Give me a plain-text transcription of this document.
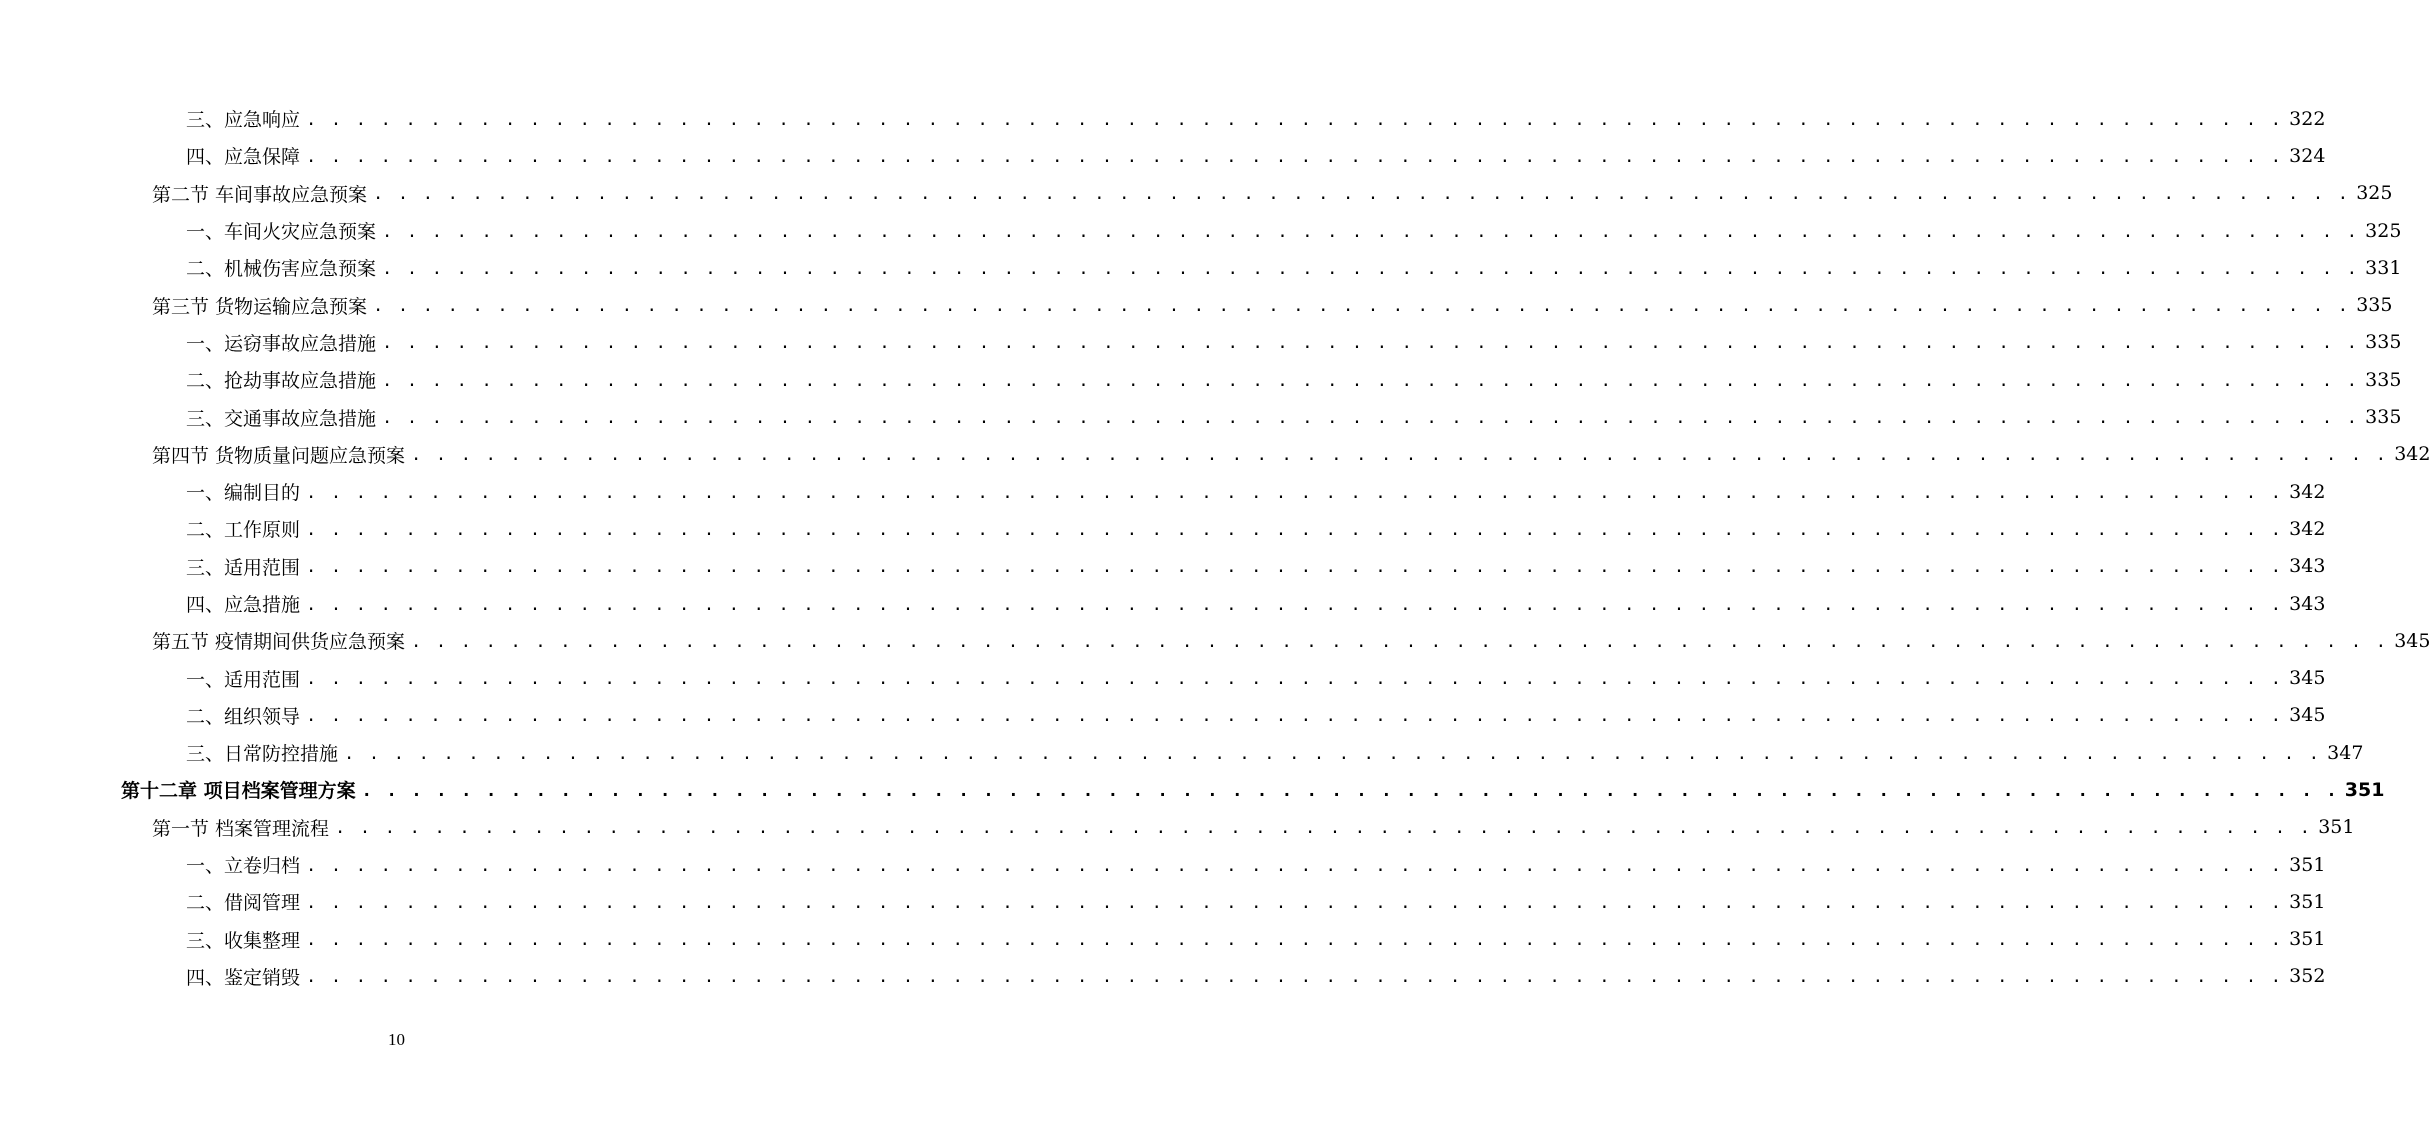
三、应急响应 . . . . . . . . . . . . . . . . . . . . . . . . . . . . . . . . . . . . . . . . . . . . . . . . . . . . . . . . . . . . . . . . . . . . . . . . . . . . . . . . 322
四、应急保障 . . . . . . . . . . . . . . . . . . . . . . . . . . . . . . . . . . . . . . . . . . . . . . . . . . . . . . . . . . . . . . . . . . . . . . . . . . . . . . . . 324
第二节 车间事故应急预案 . . . . . . . . . . . . . . . . . . . . . . . . . . . . . . . . . . . . . . . . . . . . . . . . . . . . . . . . . . . . . . . . . . . . . . . . . . . . . . . . 325
一、车间火灾应急预案 . . . . . . . . . . . . . . . . . . . . . . . . . . . . . . . . . . . . . . . . . . . . . . . . . . . . . . . . . . . . . . . . . . . . . . . . . . . . . . . . 325
二、机械伤害应急预案 . . . . . . . . . . . . . . . . . . . . . . . . . . . . . . . . . . . . . . . . . . . . . . . . . . . . . . . . . . . . . . . . . . . . . . . . . . . . . . . . 331
第三节 货物运输应急预案 . . . . . . . . . . . . . . . . . . . . . . . . . . . . . . . . . . . . . . . . . . . . . . . . . . . . . . . . . . . . . . . . . . . . . . . . . . . . . . . . 335
一、运窃事故应急措施 . . . . . . . . . . . . . . . . . . . . . . . . . . . . . . . . . . . . . . . . . . . . . . . . . . . . . . . . . . . . . . . . . . . . . . . . . . . . . . . . 335
二、抢劫事故应急措施 . . . . . . . . . . . . . . . . . . . . . . . . . . . . . . . . . . . . . . . . . . . . . . . . . . . . . . . . . . . . . . . . . . . . . . . . . . . . . . . . 335
三、交通事故应急措施 . . . . . . . . . . . . . . . . . . . . . . . . . . . . . . . . . . . . . . . . . . . . . . . . . . . . . . . . . . . . . . . . . . . . . . . . . . . . . . . . 335
第四节 货物质量问题应急预案 . . . . . . . . . . . . . . . . . . . . . . . . . . . . . . . . . . . . . . . . . . . . . . . . . . . . . . . . . . . . . . . . . . . . . . . . . . . . . . . . 342
一、编制目的 . . . . . . . . . . . . . . . . . . . . . . . . . . . . . . . . . . . . . . . . . . . . . . . . . . . . . . . . . . . . . . . . . . . . . . . . . . . . . . . . 342
二、工作原则 . . . . . . . . . . . . . . . . . . . . . . . . . . . . . . . . . . . . . . . . . . . . . . . . . . . . . . . . . . . . . . . . . . . . . . . . . . . . . . . . 342
三、适用范围 . . . . . . . . . . . . . . . . . . . . . . . . . . . . . . . . . . . . . . . . . . . . . . . . . . . . . . . . . . . . . . . . . . . . . . . . . . . . . . . . 343
四、应急措施 . . . . . . . . . . . . . . . . . . . . . . . . . . . . . . . . . . . . . . . . . . . . . . . . . . . . . . . . . . . . . . . . . . . . . . . . . . . . . . . . 343
第五节 疫情期间供货应急预案 . . . . . . . . . . . . . . . . . . . . . . . . . . . . . . . . . . . . . . . . . . . . . . . . . . . . . . . . . . . . . . . . . . . . . . . . . . . . . . . . 345
一、适用范围 . . . . . . . . . . . . . . . . . . . . . . . . . . . . . . . . . . . . . . . . . . . . . . . . . . . . . . . . . . . . . . . . . . . . . . . . . . . . . . . . 345
二、组织领导 . . . . . . . . . . . . . . . . . . . . . . . . . . . . . . . . . . . . . . . . . . . . . . . . . . . . . . . . . . . . . . . . . . . . . . . . . . . . . . . . 345
三、日常防控措施 . . . . . . . . . . . . . . . . . . . . . . . . . . . . . . . . . . . . . . . . . . . . . . . . . . . . . . . . . . . . . . . . . . . . . . . . . . . . . . . . 347
第十二章 项目档案管理方案 . . . . . . . . . . . . . . . . . . . . . . . . . . . . . . . . . . . . . . . . . . . . . . . . . . . . . . . . . . . . . . . . . . . . . . . . . . . . . . . . 351
第一节 档案管理流程 . . . . . . . . . . . . . . . . . . . . . . . . . . . . . . . . . . . . . . . . . . . . . . . . . . . . . . . . . . . . . . . . . . . . . . . . . . . . . . . . 351
一、立卷归档 . . . . . . . . . . . . . . . . . . . . . . . . . . . . . . . . . . . . . . . . . . . . . . . . . . . . . . . . . . . . . . . . . . . . . . . . . . . . . . . . 351
二、借阅管理 . . . . . . . . . . . . . . . . . . . . . . . . . . . . . . . . . . . . . . . . . . . . . . . . . . . . . . . . . . . . . . . . . . . . . . . . . . . . . . . . 351
三、收集整理 . . . . . . . . . . . . . . . . . . . . . . . . . . . . . . . . . . . . . . . . . . . . . . . . . . . . . . . . . . . . . . . . . . . . . . . . . . . . . . . . 351
四、鉴定销毁 . . . . . . . . . . . . . . . . . . . . . . . . . . . . . . . . . . . . . . . . . . . . . . . . . . . . . . . . . . . . . . . . . . . . . . . . . . . . . . . . 352
10
